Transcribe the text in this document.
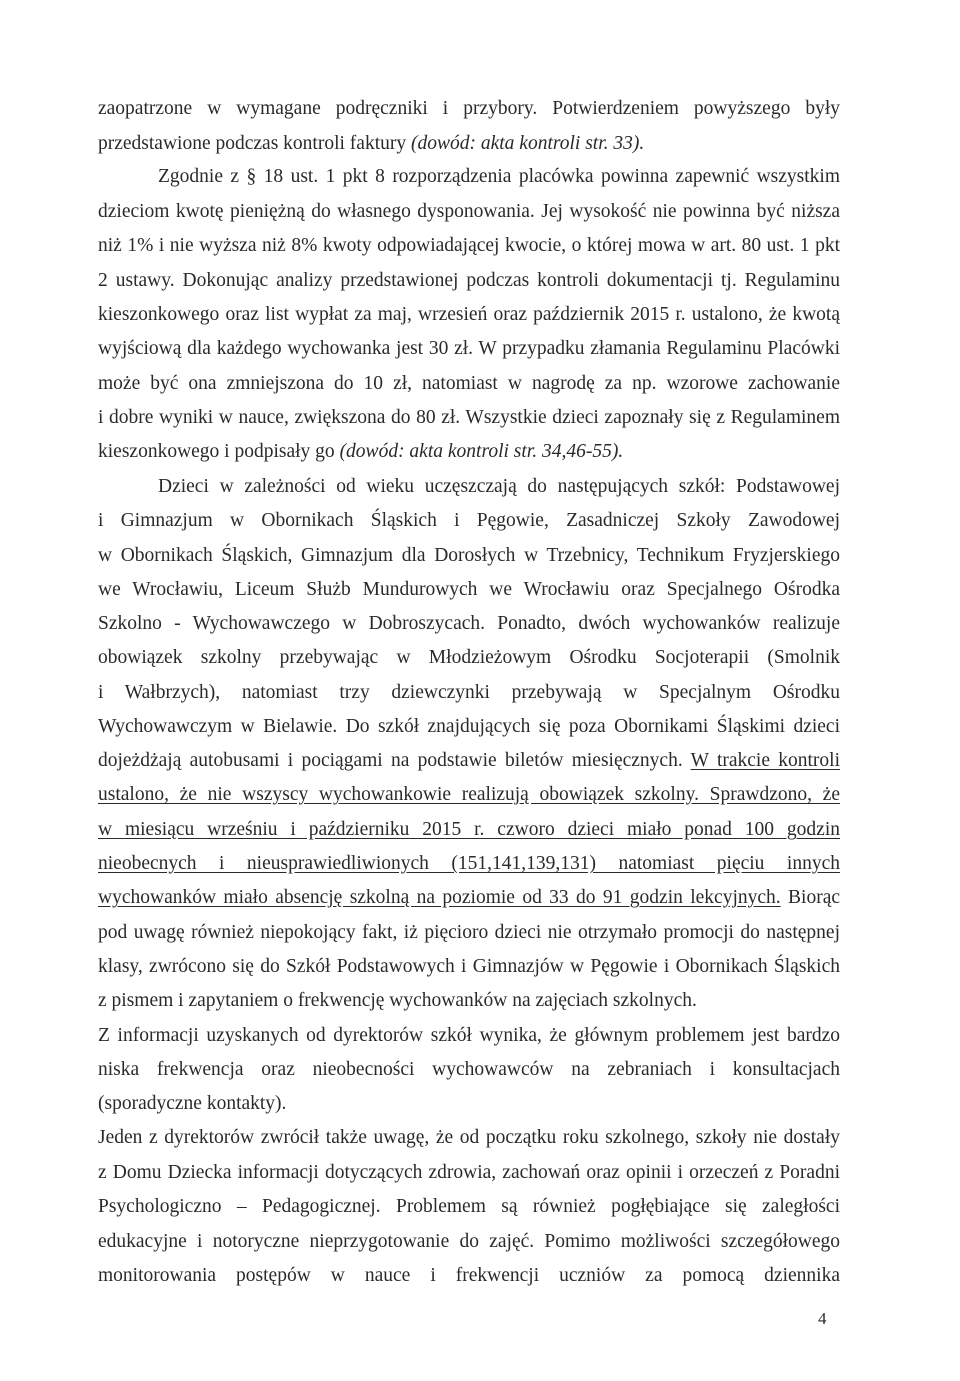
zaopatrzone w wymagane podręczniki i przybory. Potwierdzeniem powyższego były
przedstawione podczas kontroli faktury (dowód: akta kontroli str. 33).
Zgodnie z § 18 ust. 1 pkt 8 rozporządzenia placówka powinna zapewnić wszystkim
dzieciom kwotę pieniężną do własnego dysponowania. Jej wysokość nie powinna być niższa
niż 1% i nie wyższa niż 8% kwoty odpowiadającej kwocie, o której mowa w art. 80 ust. 1 pkt
2 ustawy. Dokonując analizy przedstawionej podczas kontroli dokumentacji tj. Regulaminu
kieszonkowego oraz list wypłat za maj, wrzesień oraz październik 2015 r. ustalono, że kwotą
wyjściową dla każdego wychowanka jest 30 zł. W przypadku złamania Regulaminu Placówki
może być ona zmniejszona do 10 zł, natomiast w nagrodę za np. wzorowe zachowanie
i dobre wyniki w nauce, zwiększona do 80 zł. Wszystkie dzieci zapoznały się z Regulaminem
kieszonkowego i podpisały go (dowód: akta kontroli str. 34,46-55).
Dzieci w zależności od wieku uczęszczają do następujących szkół: Podstawowej
i Gimnazjum w Obornikach Śląskich i Pęgowie, Zasadniczej Szkoły Zawodowej
w Obornikach Śląskich, Gimnazjum dla Dorosłych w Trzebnicy, Technikum Fryzjerskiego
we Wrocławiu, Liceum Służb Mundurowych we Wrocławiu oraz Specjalnego Ośrodka
Szkolno - Wychowawczego w Dobroszycach. Ponadto, dwóch wychowanków realizuje
obowiązek szkolny przebywając w Młodzieżowym Ośrodku Socjoterapii (Smolnik
i Wałbrzych), natomiast trzy dziewczynki przebywają w Specjalnym Ośrodku
Wychowawczym w Bielawie. Do szkół znajdujących się poza Obornikami Śląskimi dzieci
dojeżdżają autobusami i pociągami na podstawie biletów miesięcznych. W trakcie kontroli
ustalono, że nie wszyscy wychowankowie realizują obowiązek szkolny. Sprawdzono, że
w miesiącu wrześniu i październiku 2015 r. czworo dzieci miało ponad 100 godzin
nieobecnych i nieusprawiedliwionych (151,141,139,131) natomiast pięciu innych
wychowanków miało absencję szkolną na poziomie od 33 do 91 godzin lekcyjnych. Biorąc
pod uwagę również niepokojący fakt, iż pięcioro dzieci nie otrzymało promocji do następnej
klasy, zwrócono się do Szkół Podstawowych i Gimnazjów w Pęgowie i Obornikach Śląskich
z pismem i zapytaniem o frekwencję wychowanków na zajęciach szkolnych.
Z informacji uzyskanych od dyrektorów szkół wynika, że głównym problemem jest bardzo
niska frekwencja oraz nieobecności wychowawców na zebraniach i konsultacjach
(sporadyczne kontakty).
Jeden z dyrektorów zwrócił także uwagę, że od początku roku szkolnego, szkoły nie dostały
z Domu Dziecka informacji dotyczących zdrowia, zachowań oraz opinii i orzeczeń z Poradni
Psychologiczno – Pedagogicznej. Problemem są również pogłębiające się zaległości
edukacyjne i notoryczne nieprzygotowanie do zajęć. Pomimo możliwości szczegółowego
monitorowania postępów w nauce i frekwencji uczniów za pomocą dziennika
4
